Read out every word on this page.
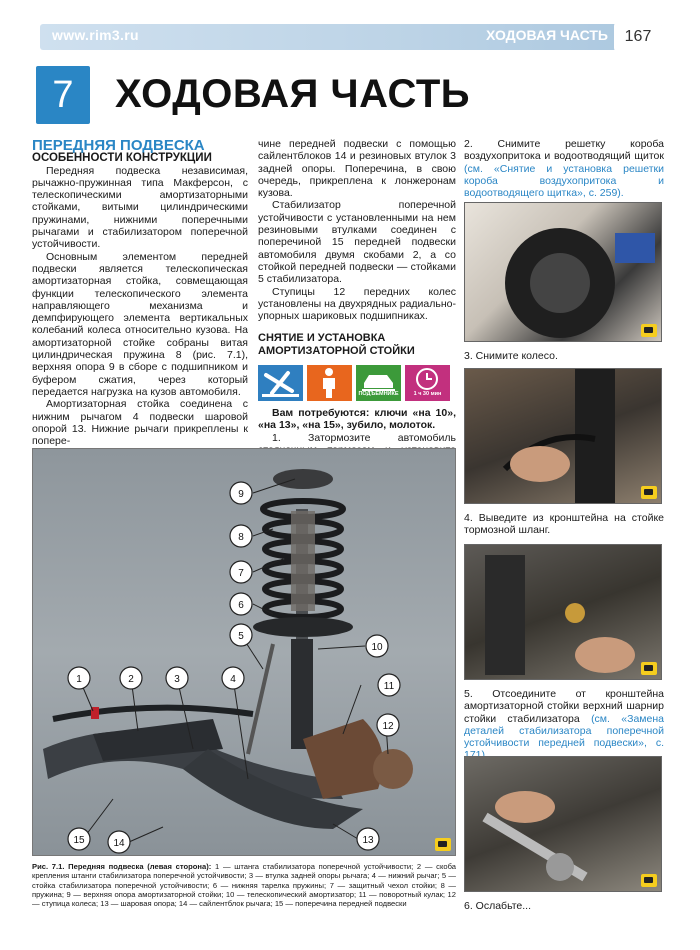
www.rim3.ru	ХОДОВАЯ ЧАСТЬ	167
7	ХОДОВАЯ ЧАСТЬ

ПЕРЕДНЯЯ ПОДВЕСКА

ОСОБЕННОСТИ КОНСТРУКЦИИ

Передняя подвеска независимая, рычажно-пружинная типа Макферсон, с телескопическими амортизаторными стойками, витыми цилиндрическими пружинами, нижними поперечными рычагами и стабилизатором поперечной устойчивости.

Основным элементом передней подвески является телескопическая амортизаторная стойка, совмещающая функции телескопического элемента направляющего механизма и демпфирующего элемента вертикальных колебаний колеса относительно кузова. На амортизаторной стойке собраны витая цилиндрическая пружина 8 (рис. 7.1), верхняя опора 9 в сборе с подшипником и буфером сжатия, через который передается нагрузка на кузов автомобиля.

Амортизаторная стойка соединена с нижним рычагом 4 подвески шаровой опорой 13. Нижние рычаги прикреплены к попере-

чине передней подвески с помощью сайлентблоков 14 и резиновых втулок 3 задней опоры. Поперечина, в свою очередь, прикреплена к лонжеронам кузова.

Стабилизатор поперечной устойчивости с установленными на нем резиновыми втулками соединен с поперечиной 15 передней подвески автомобиля двумя скобами 2, а со стойкой передней подвески — стойками 5 стабилизатора.

Ступицы 12 передних колес установлены на двухрядных радиально-упорных шариковых подшипниках.

СНЯТИЕ И УСТАНОВКА АМОРТИЗАТОРНОЙ СТОЙКИ

НА ПОДЪЕМНИКЕ	1 ч 30 мин

Вам потребуются: ключи «на 10», «на 13», «на 15», зубило, молоток.

1. Затормозите автомобиль

9
8
7
6
5
10
1	2	3	4
11
12
15	14	13
Рис. 7.1. Передняя подвеска (левая сторона): 1 — штанга стабилизатора поперечной устойчивости; 2 — скоба крепления штанги стабилизатора поперечной устойчивости; 3 — втулка задней опоры рычага; 4 — нижний рычаг; 5 — стойка стабилизатора поперечной устойчивости; 6 — нижняя тарелка пружины; 7 — защитный чехол стойки; 8 — пружина; 9 — верхняя опора амортизаторной стойки; 10 — телескопический амортизатор; 11 — поворотный кулак; 12 — ступица колеса; 13 — шаровая опора; 14 — сайлентблок рычага; 15 — поперечина передней подвески
2. Снимите решетку короба воздухопритока и водоотводящий щиток (см. «Снятие и установка решетки короба воздухопритока и водоотводящего щитка», с. 259).
3. Снимите колесо.
4. Выведите из кронштейна на стойке тормозной шланг.
5. Отсоедините от кронштейна амортизаторной стойки верхний шарнир стойки стабилизатора (см. «Замена деталей стабилизатора поперечной устойчивости передней подвески», с.
6. Ослабьте...
